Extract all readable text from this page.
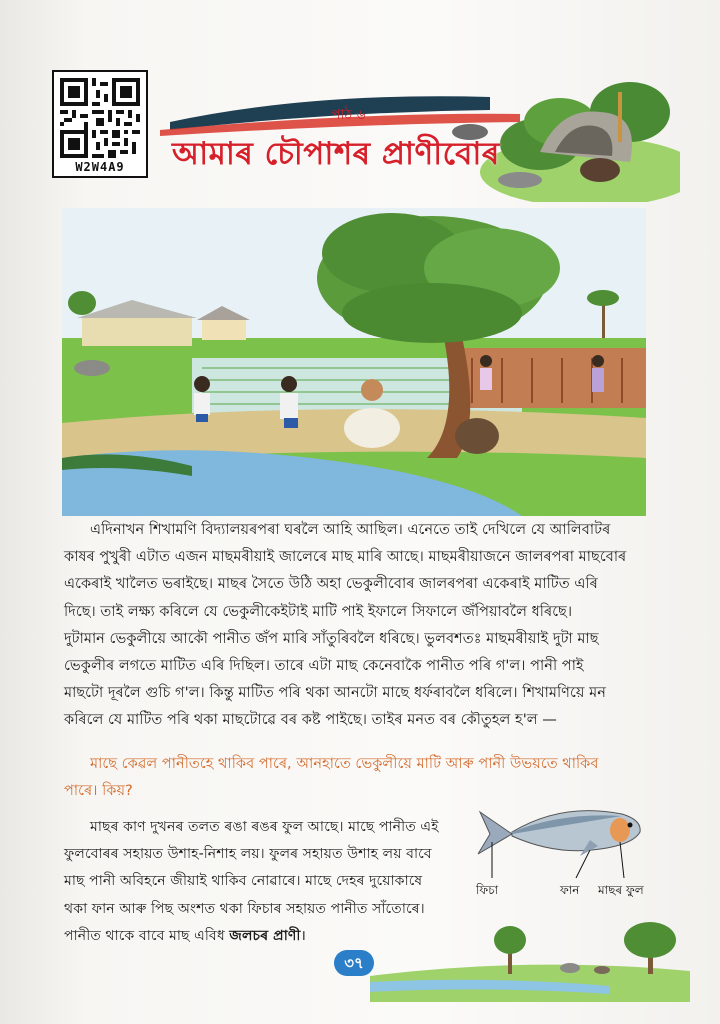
W2W4A9
পাঠ ৬
আমাৰ চৌপাশৰ প্ৰাণীবোৰ
এদিনাখন শিখামণি বিদ্যালয়ৰপৰা ঘৰলৈ আহি আছিল। এনেতে তাই দেখিলে যে আলিবাটৰ
কাষৰ পুখুৰী এটাত এজন মাছমৰীয়াই জালেৰে মাছ মাৰি আছে। মাছমৰীয়াজনে জালৰপৰা মাছবোৰ
একেৰাই খালৈত ভৰাইছে। মাছৰ সৈতে উঠি অহা ভেকুলীবোৰ জালৰপৰা একেৰাই মাটিত এৰি
দিছে। তাই লক্ষ্য কৰিলে যে ভেকুলীকেইটাই মাটি পাই ইফালে সিফালে জঁপিয়াবলৈ ধৰিছে।
দুটামান ভেকুলীয়ে আকৌ পানীত জঁপ মাৰি সাঁতুৰিবলৈ ধৰিছে। ভুলবশতঃ মাছমৰীয়াই দুটা মাছ
ভেকুলীৰ লগতে মাটিত এৰি দিছিল। তাৰে এটা মাছ কেনেবাকৈ পানীত পৰি গ'ল। পানী পাই
মাছটো দূৰলৈ গুচি গ'ল। কিন্তু মাটিত পৰি থকা আনটো মাছে ধৰ্ফৰাবলৈ ধৰিলে। শিখামণিয়ে মন
কৰিলে যে মাটিত পৰি থকা মাছটোৱে বৰ কষ্ট পাইছে। তাইৰ মনত বৰ কৌতুহল হ'ল —
মাছে কেৱল পানীতহে থাকিব পাৰে, আনহাতে ভেকুলীয়ে মাটি আৰু পানী উভয়তে থাকিব
পাৰে। কিয়?
মাছৰ কাণ দুখনৰ তলত ৰঙা ৰঙৰ ফুল আছে। মাছে পানীত এই
ফুলবোৰৰ সহায়ত উশাহ-নিশাহ লয়। ফুলৰ সহায়ত উশাহ লয় বাবে
মাছ পানী অবিহনে জীয়াই থাকিব নোৱাৰে। মাছে দেহৰ দুয়োকাষে
থকা ফান আৰু পিছ অংশত থকা ফিচাৰ সহায়ত পানীত সাঁতোৰে।
পানীত থাকে বাবে মাছ এবিধ জলচৰ প্ৰাণী।
ফিচা	ফান মাছৰ ফুল
৩৭
